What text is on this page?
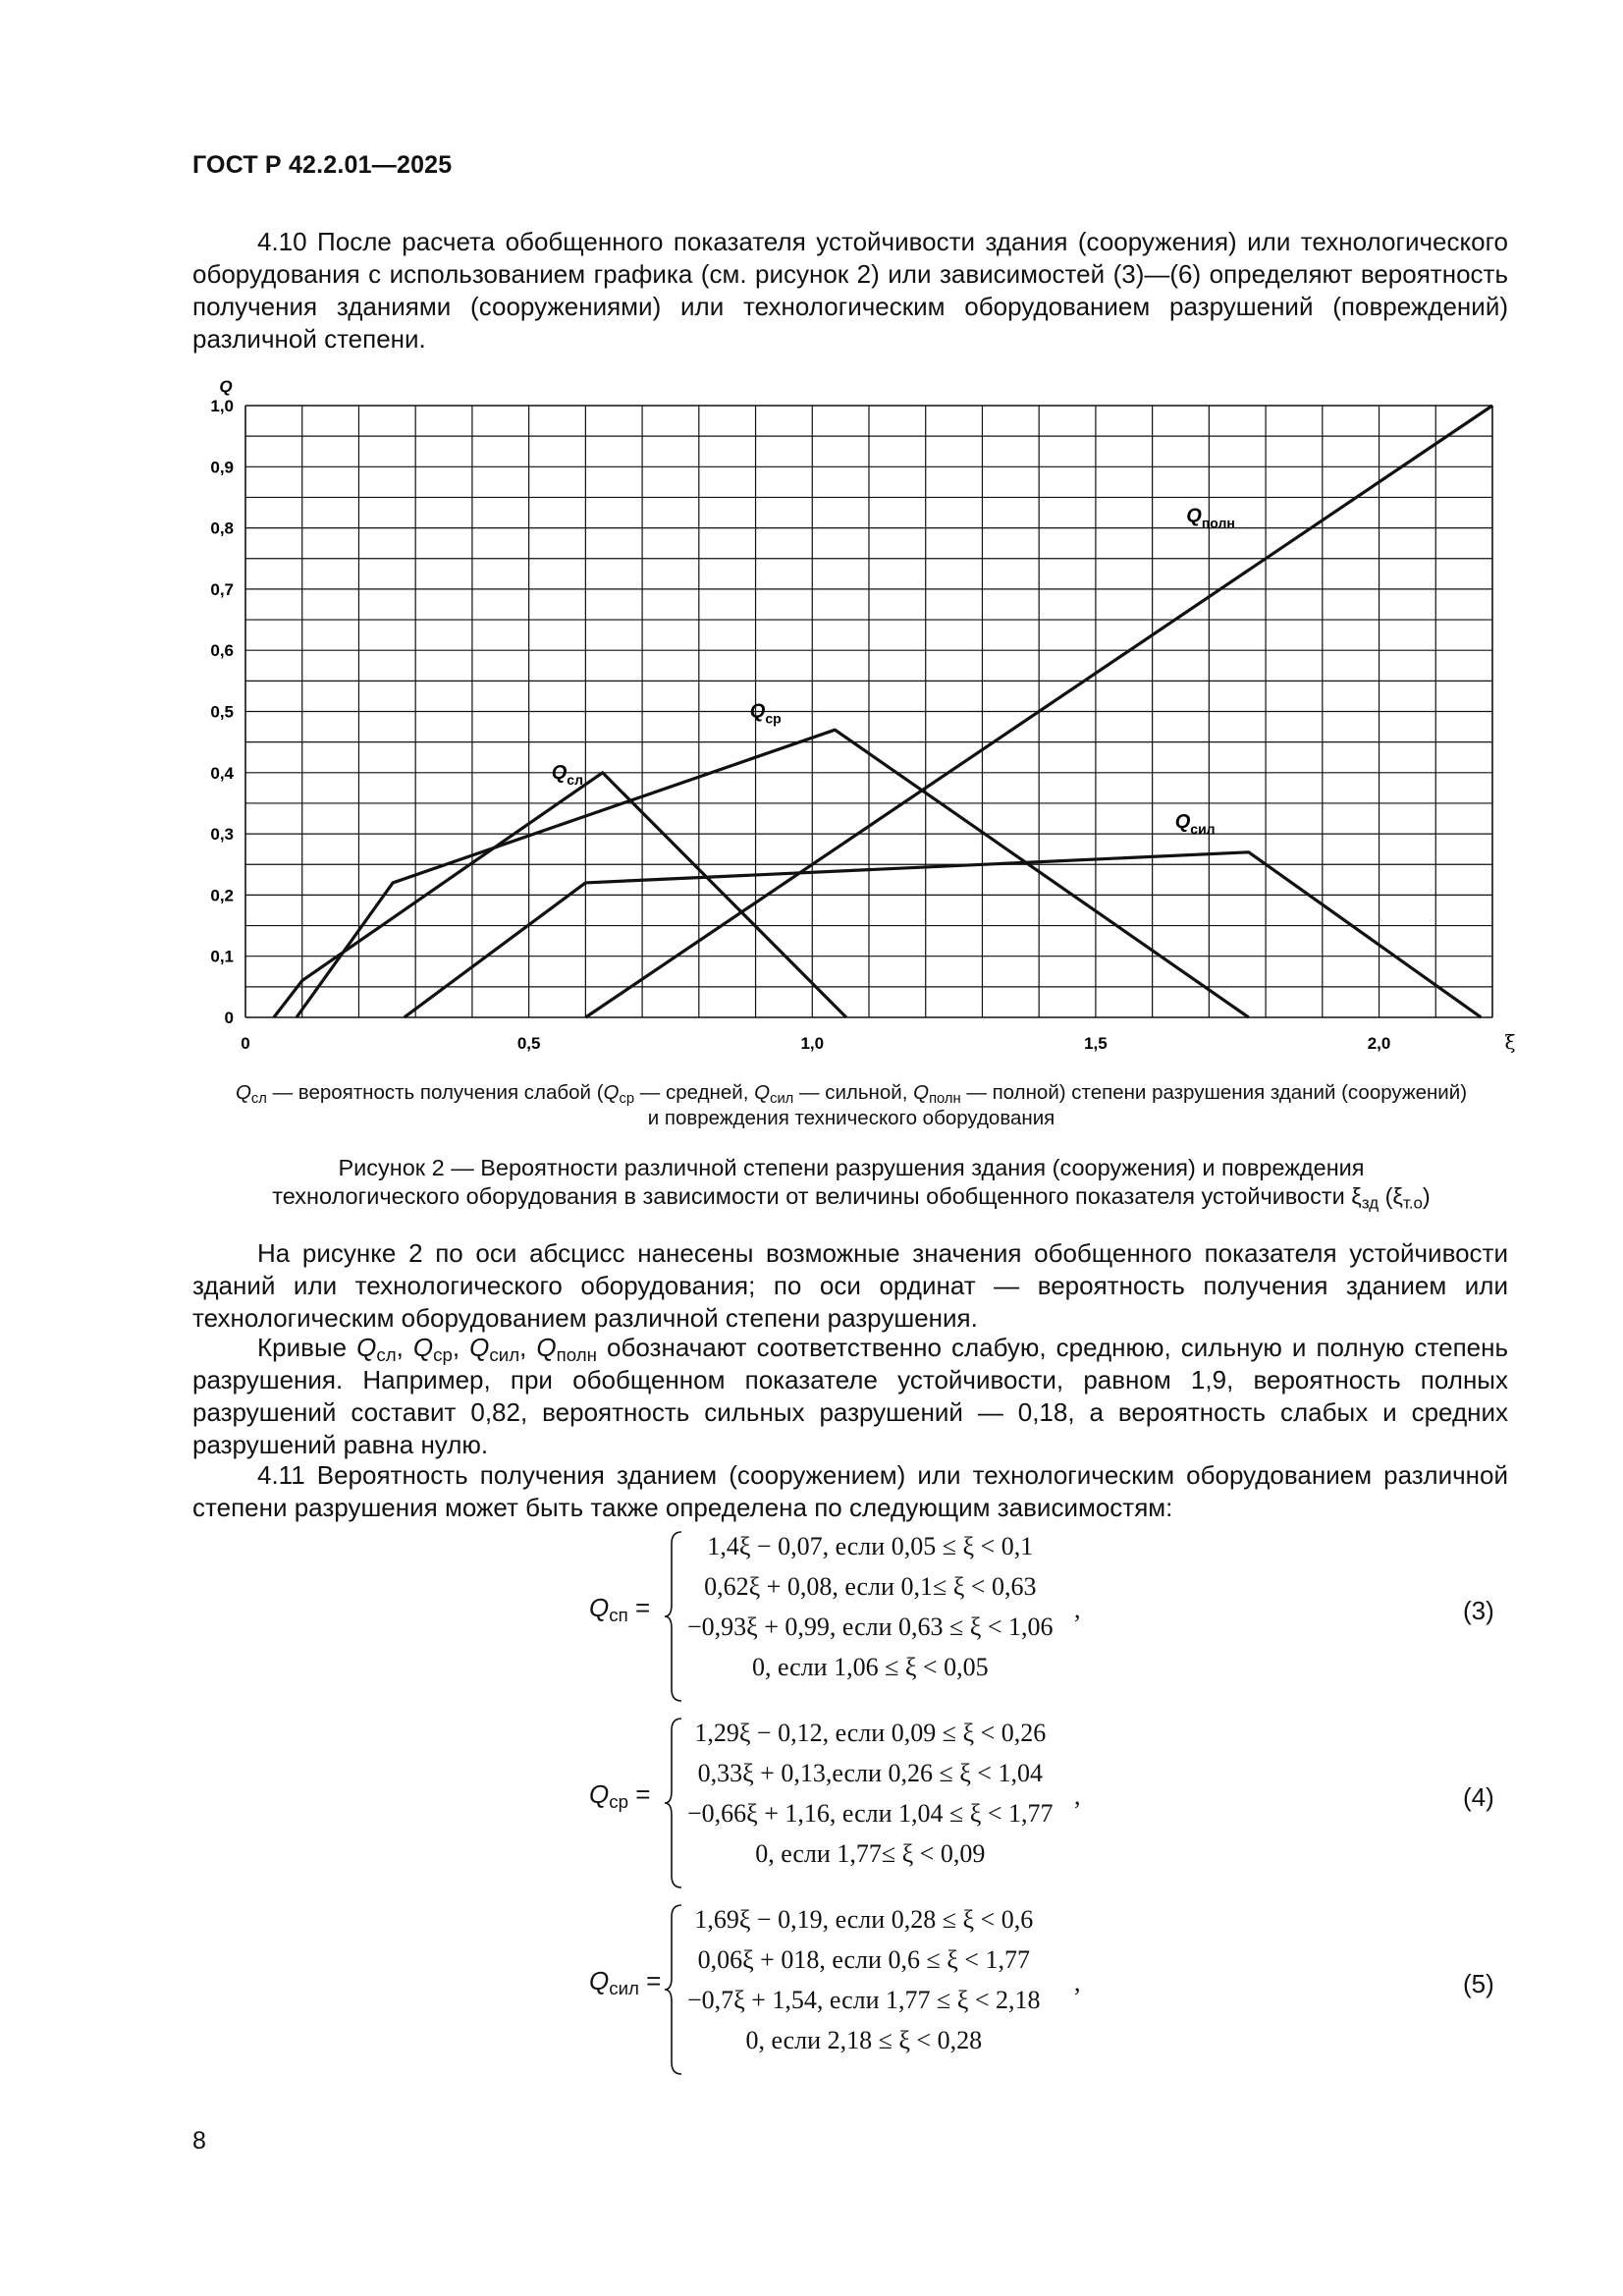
ГОСТ Р 42.2.01—2025
4.10 После расчета обобщенного показателя устойчивости здания (сооружения) или технологического оборудования с использованием графика (см. рисунок 2) или зависимостей (3)—(6) определяют вероятность получения зданиями (сооружениями) или технологическим оборудованием разрушений (повреждений) различной степени.
0
0,1
0,2
0,3
0,4
0,5
0,6
0,7
0,8
0,9
1,0
0	0,5	1,0	1,5	2,0
Q
ξ
$Q_{сл}$
$Q_{ср}$
$Q_{сил}$
$Q_{полн}$
$Q_{сл}$ — вероятность получения слабой ($Q_{ср}$ — средней, $Q_{сил}$ — сильной, $Q_{полн}$ — полной) степени разрушения зданий (сооружений)
и повреждения технического оборудования
Рисунок 2 — Вероятности различной степени разрушения здания (сооружения) и повреждения
технологического оборудования в зависимости от величины обобщенного показателя устойчивости $\xi_{зд}$ $(\xi_{т.о})$
На рисунке 2 по оси абсцисс нанесены возможные значения обобщенного показателя устойчивости зданий или технологического оборудования; по оси ординат — вероятность получения зданием или технологическим оборудованием различной степени разрушения.
Кривые $Q_{сл}$, $Q_{ср}$, $Q_{сил}$, $Q_{полн}$ обозначают соответственно слабую, среднюю, сильную и полную степень разрушения. Например, при обобщенном показателе устойчивости, равном 1,9, вероятность полных разрушений составит 0,82, вероятность сильных разрушений — 0,18, а вероятность слабых и средних разрушений равна нулю.
4.11 Вероятность получения зданием (сооружением) или технологическим оборудованием различной степени разрушения может быть также определена по следующим зависимостям:
$Q_{сп}$ =
1,4ξ − 0,07, если 0,05 ≤ ξ < 0,1
0,62ξ + 0,08, если 0,1≤ ξ < 0,63
−0,93ξ + 0,99, если 0,63 ≤ ξ < 1,06
0, если 1,06 ≤ ξ < 0,05
,	(3)
$Q_{ср}$ =
1,29ξ − 0,12, если 0,09 ≤ ξ < 0,26
0,33ξ + 0,13,если 0,26 ≤ ξ < 1,04
−0,66ξ + 1,16, если 1,04 ≤ ξ < 1,77
0, если 1,77≤ ξ < 0,09
,	(4)
$Q_{сил}$ =
1,69ξ − 0,19, если 0,28 ≤ ξ < 0,6
0,06ξ + 018, если 0,6 ≤ ξ < 1,77
−0,7ξ + 1,54, если 1,77 ≤ ξ < 2,18
0, если 2,18 ≤ ξ < 0,28
,	(5)
8
